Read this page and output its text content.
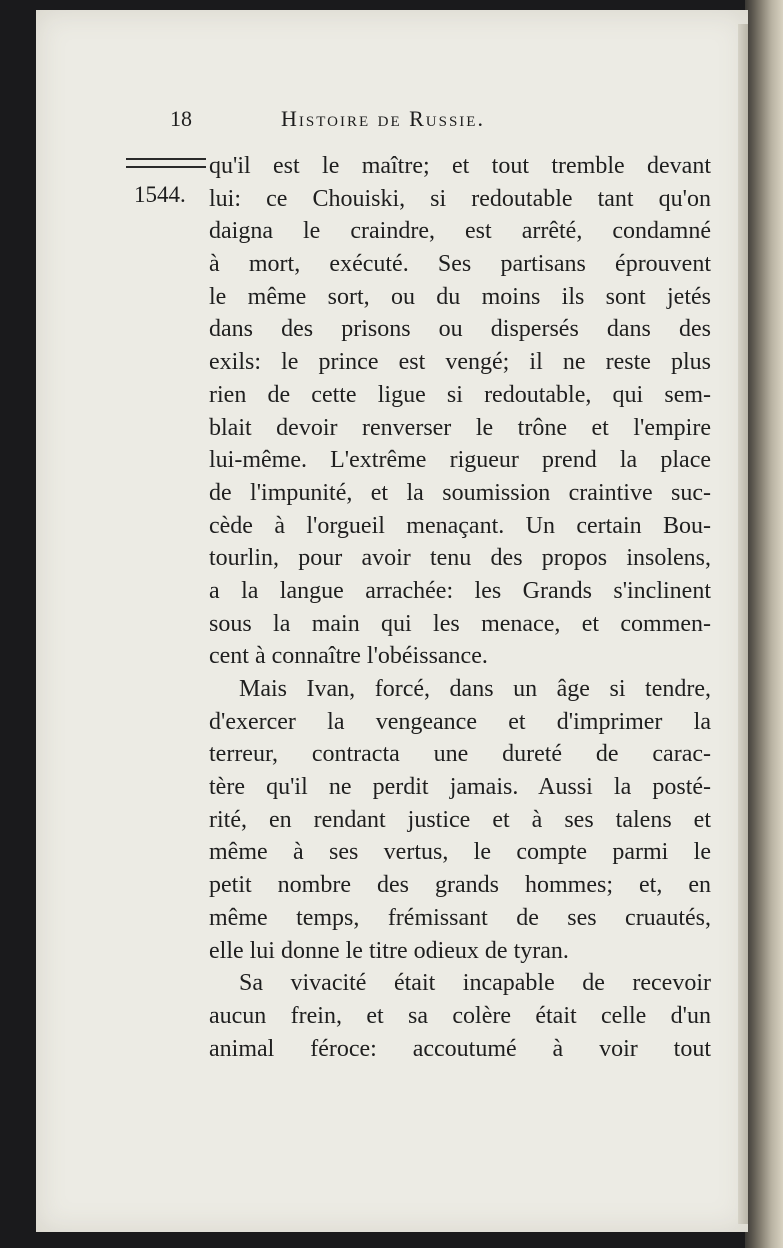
18	Histoire de Russie.
1544.
qu'il est le maître; et tout tremble devant
lui: ce Chouiski, si redoutable tant qu'on
daigna le craindre, est arrêté, condamné
à mort, exécuté. Ses partisans éprouvent
le même sort, ou du moins ils sont jetés
dans des prisons ou dispersés dans des
exils: le prince est vengé; il ne reste plus
rien de cette ligue si redoutable, qui sem-
blait devoir renverser le trône et l'empire
lui-même. L'extrême rigueur prend la place
de l'impunité, et la soumission craintive suc-
cède à l'orgueil menaçant. Un certain Bou-
tourlin, pour avoir tenu des propos insolens,
a la langue arrachée: les Grands s'inclinent
sous la main qui les menace, et commen-
cent à connaître l'obéissance.
Mais Ivan, forcé, dans un âge si tendre,
d'exercer la vengeance et d'imprimer la
terreur, contracta une dureté de carac-
tère qu'il ne perdit jamais. Aussi la posté-
rité, en rendant justice et à ses talens et
même à ses vertus, le compte parmi le
petit nombre des grands hommes; et, en
même temps, frémissant de ses cruautés,
elle lui donne le titre odieux de tyran.
Sa vivacité était incapable de recevoir
aucun frein, et sa colère était celle d'un
animal féroce: accoutumé à voir tout
